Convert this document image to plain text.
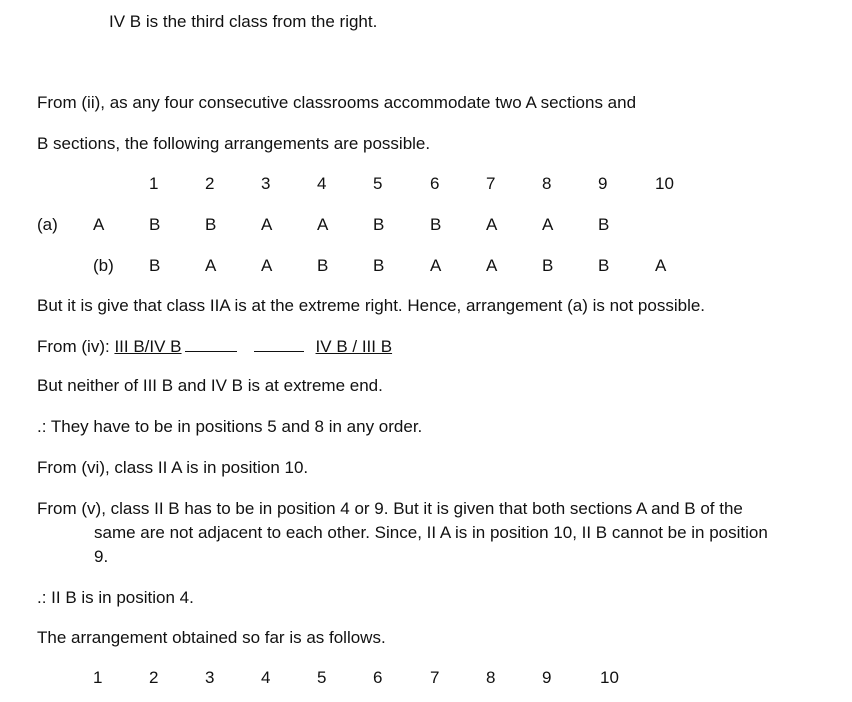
IV B is the third class from the right.
From (ii), as any four consecutive classrooms accommodate two A sections and
B sections, the following arrangements are possible.
1	2	3	4	5	6	7	8	9	10
(a) A	B	B	A	A	B	B	A	A	B
(b) B	A	A	B	B	A	A	B	B	A
But it is give that class IIA is at the extreme right. Hence, arrangement (a) is not possible.
From (iv): III B/IV B	IV B / III B
But neither of III B and IV B is at extreme end.
.: They have to be in positions 5 and 8 in any order.
From (vi), class II A is in position 10.
From (v), class II B has to be in position 4 or 9. But it is given that both sections A and B of the
same are not adjacent to each other. Since, II A is in position 10, II B cannot be in position
9.
.: II B is in position 4.
The arrangement obtained so far is as follows.
1	2	3	4	5	6	7	8	9	10
